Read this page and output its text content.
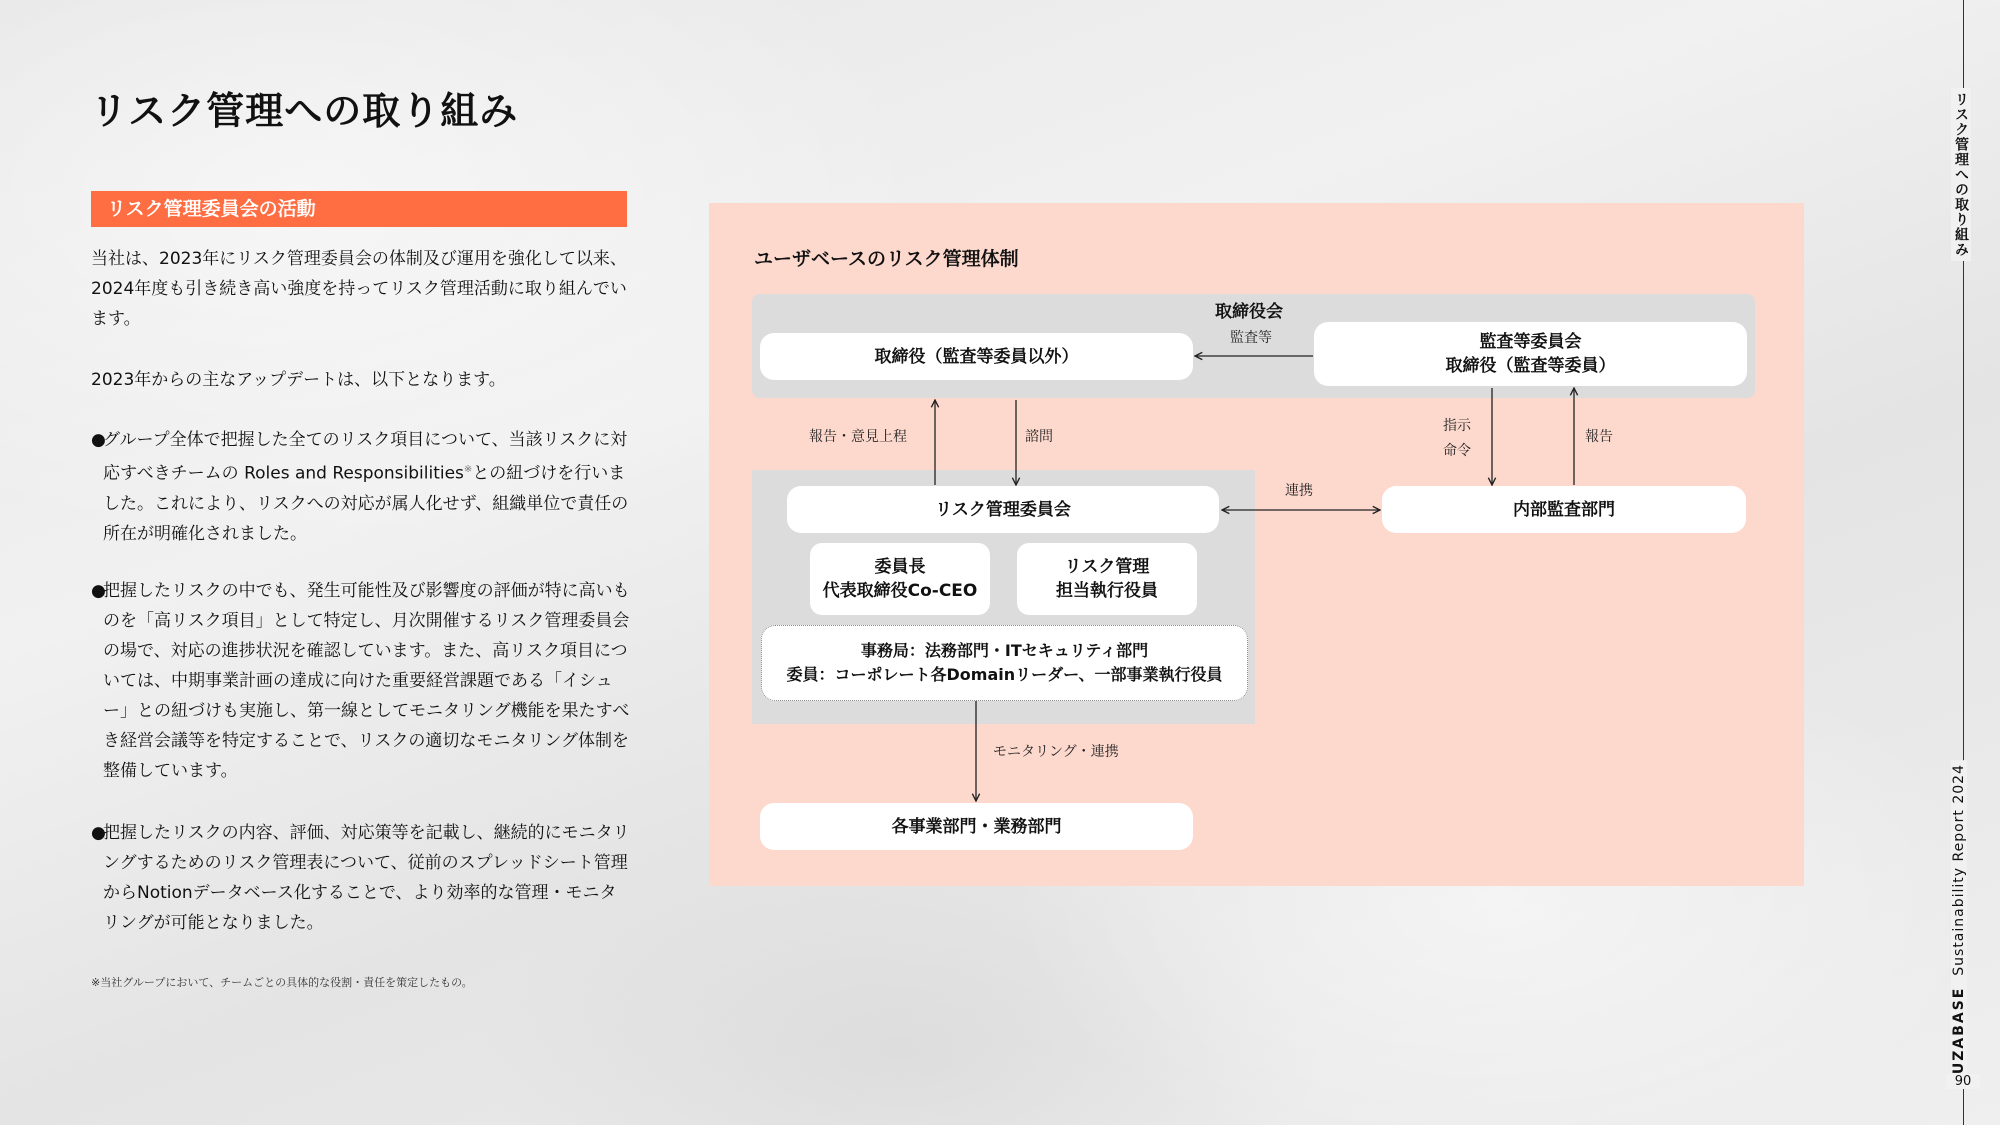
リスク管理への取り組み
リスク管理委員会の活動

当社は、2023年にリスク管理委員会の体制及び運用を強化して以来、2024年度も引き続き高い強度を持ってリスク管理活動に取り組んでいます。

2023年からの主なアップデートは、以下となります。

●
グループ全体で把握した全てのリスク項目について、当該リスクに対応すべきチームの Roles and Responsibilities※との紐づけを行いました。これにより、リスクへの対応が属人化せず、組織単位で責任の所在が明確化されました。
●
把握したリスクの中でも、発生可能性及び影響度の評価が特に高いものを「高リスク項目」として特定し、月次開催するリスク管理委員会の場で、対応の進捗状況を確認しています。また、高リスク項目については、中期事業計画の達成に向けた重要経営課題である「イシュー」との紐づけも実施し、第一線としてモニタリング機能を果たすべき経営会議等を特定することで、リスクの適切なモニタリング体制を整備しています。
●
把握したリスクの内容、評価、対応策等を記載し、継続的にモニタリングするためのリスク管理表について、従前のスプレッドシート管理からNotionデータベース化することで、より効率的な管理・モニタリングが可能となりました。
※当社グループにおいて、チームごとの具体的な役割・責任を策定したもの。
ユーザベースのリスク管理体制
取締役会
取締役（監査等委員以外）
監査等委員会
取締役（監査等委員）
リスク管理委員会	内部監査部門
委員長
代表取締役Co-CEO
リスク管理
担当執行役員
事務局：法務部門・ITセキュリティ部門
委員：コーポレート各Domainリーダー、一部事業執行役員
各事業部門・業務部門
監査等
報告・意見上程	諮問
指示
命令
報告
連携
モニタリング・連携
リスク管理への取り組み
UZABASE  Sustainability Report 2024
90
